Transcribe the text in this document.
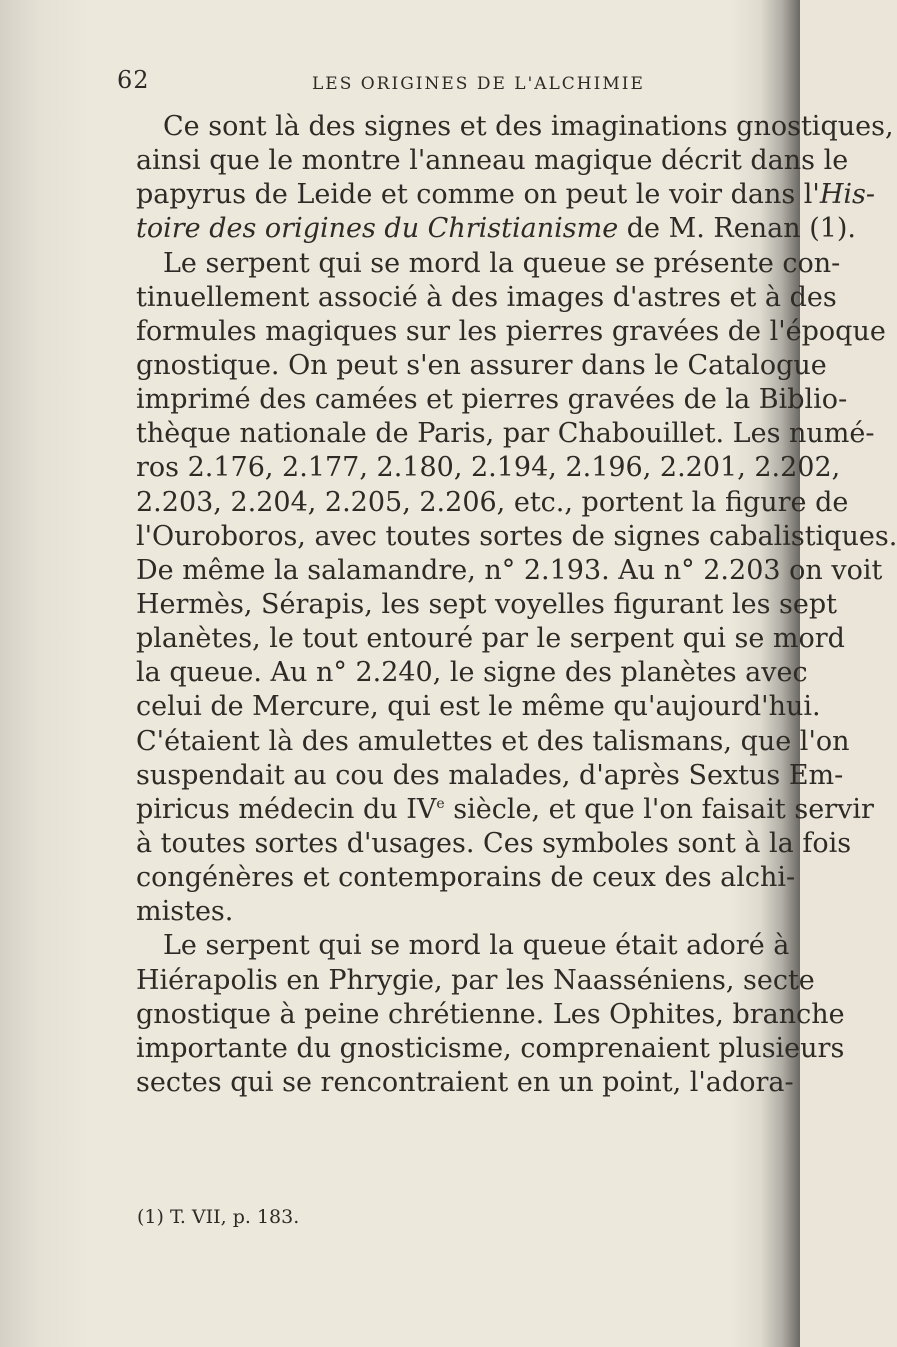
62	LES ORIGINES DE L'ALCHIMIE
Ce sont là des signes et des imaginations gnostiques,
ainsi que le montre l'anneau magique décrit dans le
papyrus de Leide et comme on peut le voir dans l'His-
toire des origines du Christianisme de M. Renan (1).
Le serpent qui se mord la queue se présente con-
tinuellement associé à des images d'astres et à des
formules magiques sur les pierres gravées de l'époque
gnostique. On peut s'en assurer dans le Catalogue
imprimé des camées et pierres gravées de la Biblio-
thèque nationale de Paris, par Chabouillet. Les numé-
ros 2.176, 2.177, 2.180, 2.194, 2.196, 2.201, 2.202,
2.203, 2.204, 2.205, 2.206, etc., portent la figure de
l'Ouroboros, avec toutes sortes de signes cabalistiques.
De même la salamandre, n° 2.193. Au n° 2.203 on voit
Hermès, Sérapis, les sept voyelles figurant les sept
planètes, le tout entouré par le serpent qui se mord
la queue. Au n° 2.240, le signe des planètes avec
celui de Mercure, qui est le même qu'aujourd'hui.
C'étaient là des amulettes et des talismans, que l'on
suspendait au cou des malades, d'après Sextus Em-
piricus médecin du IVe siècle, et que l'on faisait servir
à toutes sortes d'usages. Ces symboles sont à la fois
congénères et contemporains de ceux des alchi-
mistes.
Le serpent qui se mord la queue était adoré à
Hiérapolis en Phrygie, par les Naasséniens, secte
gnostique à peine chrétienne. Les Ophites, branche
importante du gnosticisme, comprenaient plusieurs
sectes qui se rencontraient en un point, l'adora-
(1) T. VII, p. 183.
